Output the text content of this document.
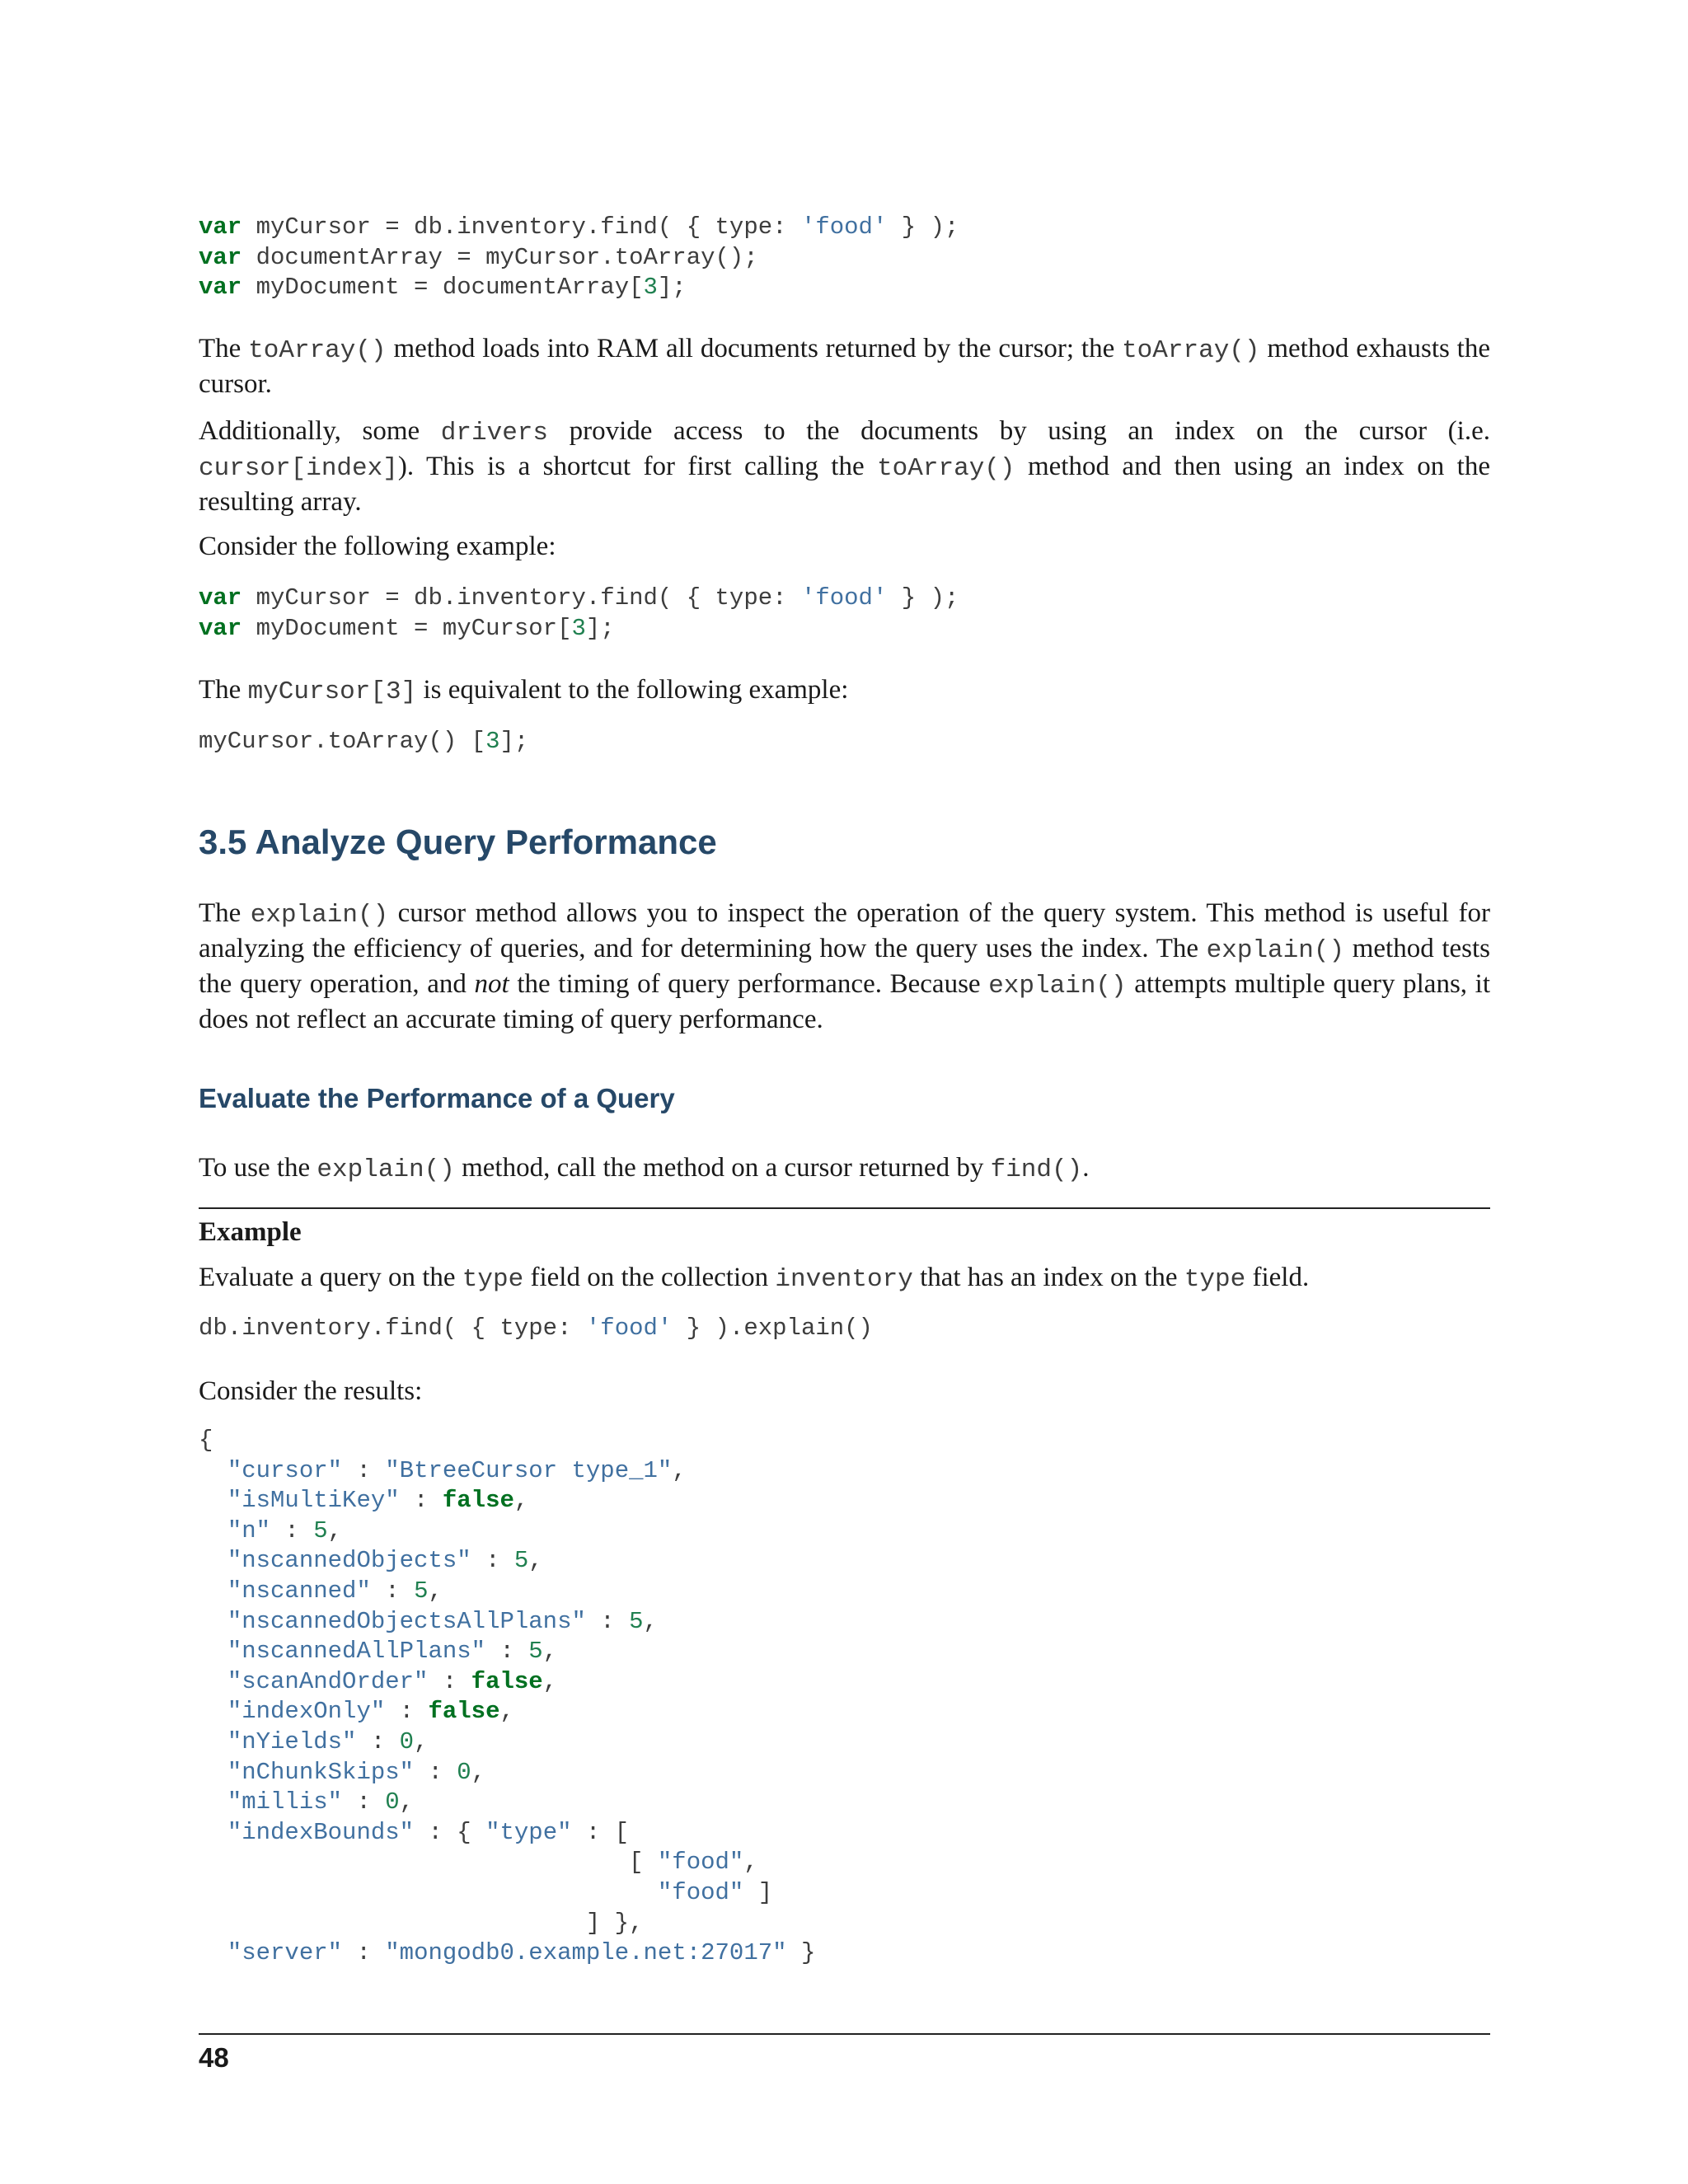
var myCursor = db.inventory.find( { type: 'food' } );
var documentArray = myCursor.toArray();
var myDocument = documentArray[3];

The toArray() method loads into RAM all documents returned by the cursor; the toArray() method exhausts the cursor.

Additionally, some drivers provide access to the documents by using an index on the cursor (i.e. cursor[index]). This is a shortcut for first calling the toArray() method and then using an index on the resulting array.

Consider the following example:

var myCursor = db.inventory.find( { type: 'food' } );
var myDocument = myCursor[3];

The myCursor[3] is equivalent to the following example:

myCursor.toArray() [3];
3.5 Analyze Query Performance

The explain() cursor method allows you to inspect the operation of the query system. This method is useful for analyzing the efficiency of queries, and for determining how the query uses the index. The explain() method tests the query operation, and not the timing of query performance. Because explain() attempts multiple query plans, it does not reflect an accurate timing of query performance.

Evaluate the Performance of a Query

To use the explain() method, call the method on a cursor returned by find().

Example

Evaluate a query on the type field on the collection inventory that has an index on the type field.

db.inventory.find( { type: 'food' } ).explain()

Consider the results:

{
"cursor" : "BtreeCursor type_1",
"isMultiKey" : false,
"n" : 5,
"nscannedObjects" : 5,
"nscanned" : 5,
"nscannedObjectsAllPlans" : 5,
"nscannedAllPlans" : 5,
"scanAndOrder" : false,
"indexOnly" : false,
"nYields" : 0,
"nChunkSkips" : 0,
"millis" : 0,
"indexBounds" : { "type" : [
[ "food",
"food" ]
] },
"server" : "mongodb0.example.net:27017" }
48
